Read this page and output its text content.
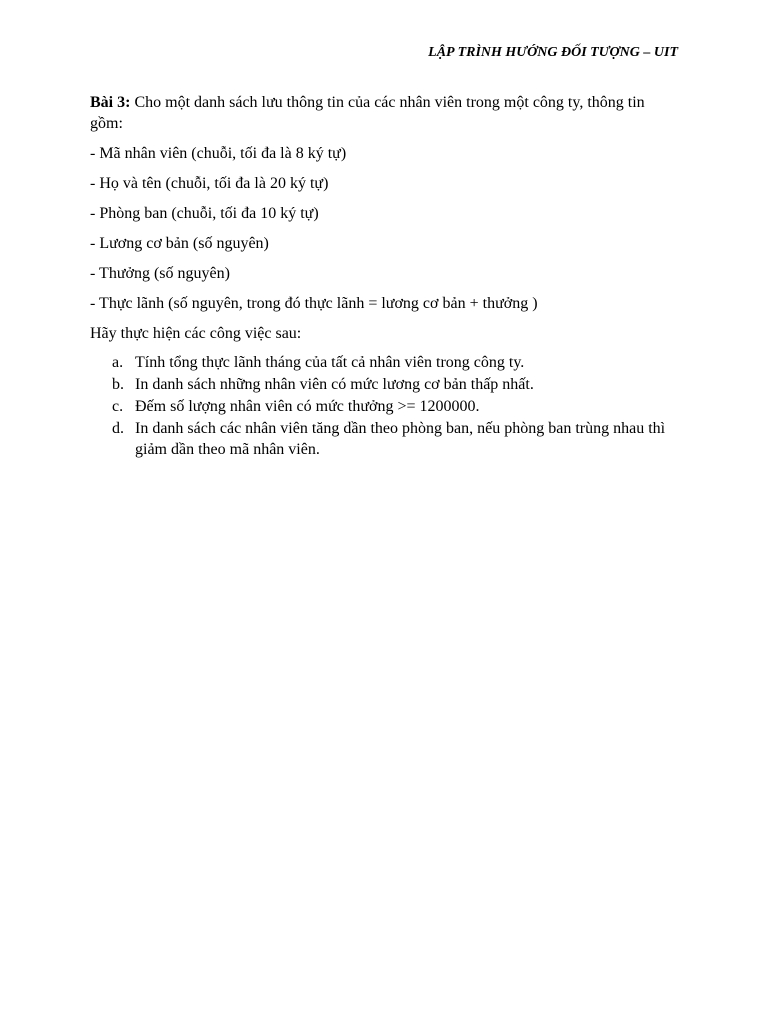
LẬP TRÌNH HƯỚNG ĐỐI TƯỢNG – UIT

Bài 3: Cho một danh sách lưu thông tin của các nhân viên trong một công ty, thông tin gồm:

- Mã nhân viên (chuỗi, tối đa là 8 ký tự)
- Họ và tên (chuỗi, tối đa là 20 ký tự)
- Phòng ban (chuỗi, tối đa 10 ký tự)
- Lương cơ bản (số nguyên)
- Thưởng (số nguyên)
- Thực lãnh (số nguyên, trong đó thực lãnh = lương cơ bản + thưởng )
Hãy thực hiện các công việc sau:
a. Tính tổng thực lãnh tháng của tất cả nhân viên trong công ty.
b. In danh sách những nhân viên có mức lương cơ bản thấp nhất.
c. Đếm số lượng nhân viên có mức thưởng >= 1200000.
d. In danh sách các nhân viên tăng dần theo phòng ban, nếu phòng ban trùng nhau thì giảm dần theo mã nhân viên.
